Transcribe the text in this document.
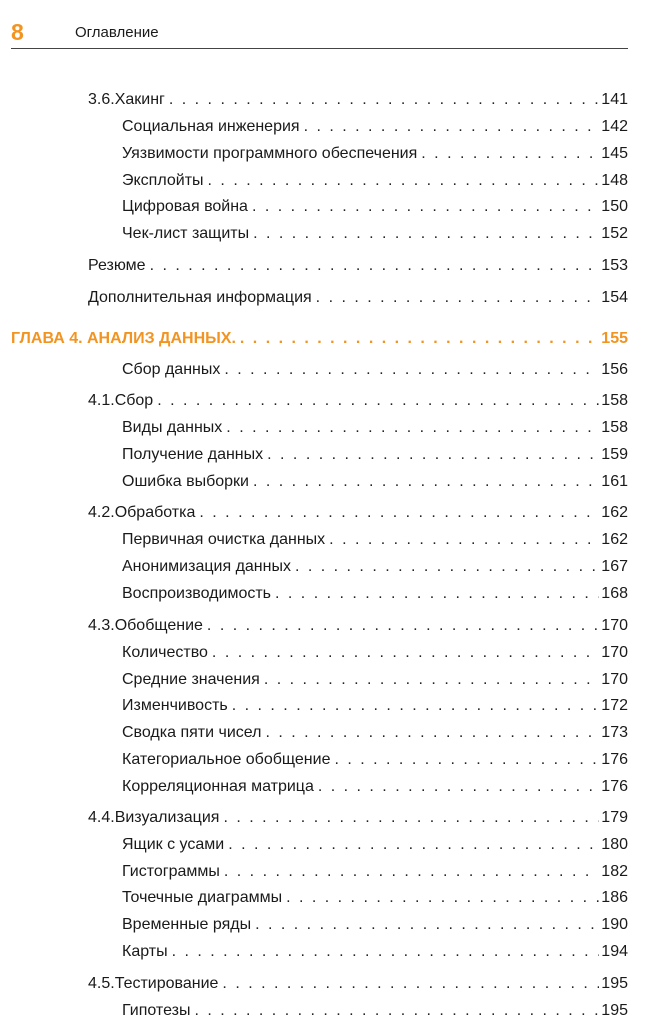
8	Оглавление
3.6. Хакинг . . .	141
Социальная инженерия . . .	142
Уязвимости программного обеспечения . . .	145
Эксплойты . . .	148
Цифровая война . . .	150
Чек-лист защиты . . .	152
Резюме . . .	153
Дополнительная информация . . .	154
ГЛАВА 4. АНАЛИЗ ДАННЫХ. . . .	155
Сбор данных . . .	156
4.1. Сбор . . .	158
Виды данных . . .	158
Получение данных . . .	159
Ошибка выборки . . .	161
4.2. Обработка . . .	162
Первичная очистка данных . . .	162
Анонимизация данных . . .	167
Воспроизводимость . . .	168
4.3. Обобщение . . .	170
Количество . . .	170
Средние значения . . .	170
Изменчивость . . .	172
Сводка пяти чисел . . .	173
Категориальное обобщение . . .	176
Корреляционная матрица . . .	176
4.4. Визуализация . . .	179
Ящик с усами . . .	180
Гистограммы . . .	182
Точечные диаграммы . . .	186
Временные ряды . . .	190
Карты . . .	194
4.5. Тестирование . . .	195
Гипотезы . . .	195
